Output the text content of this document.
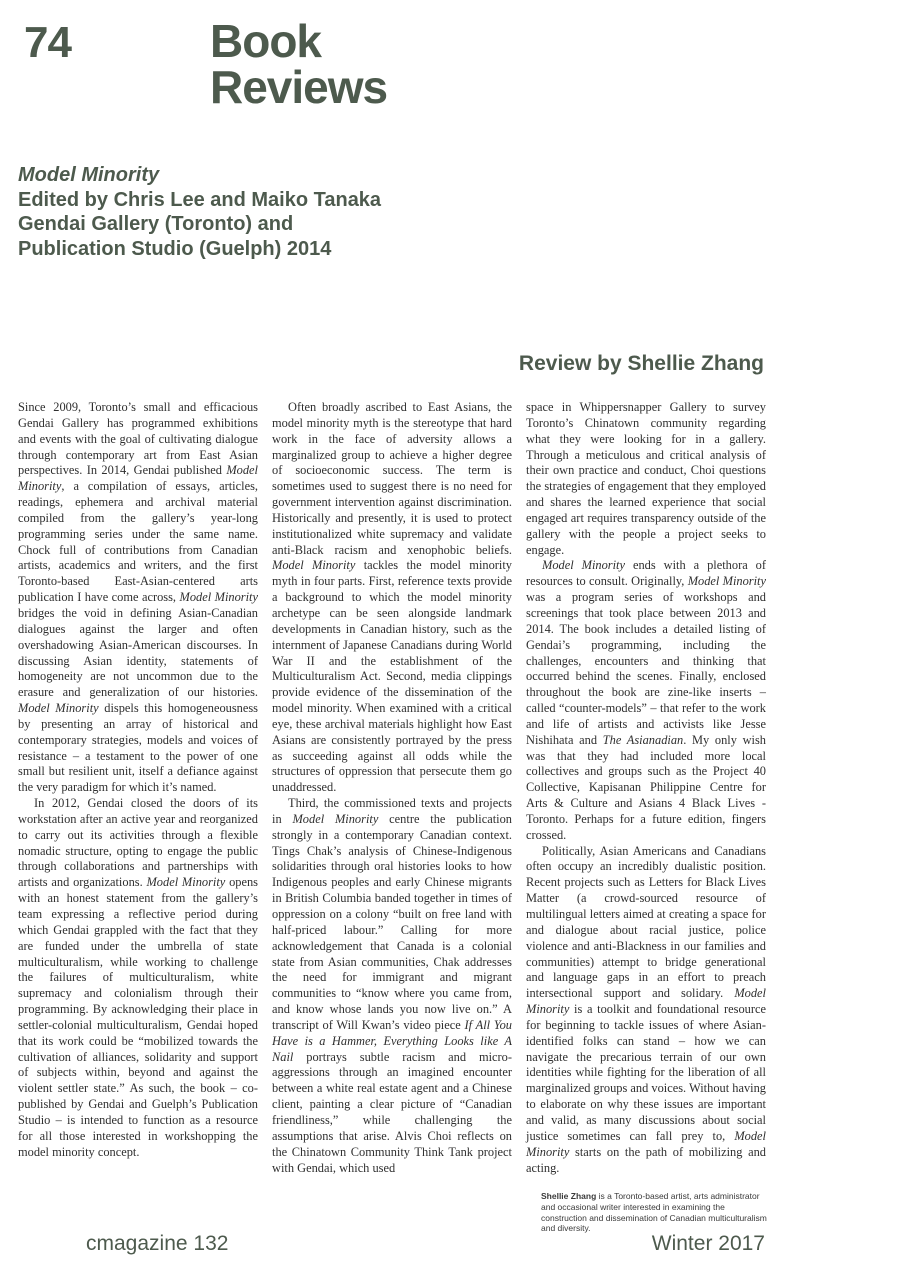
74	Book
Reviews
Model Minority
Edited by Chris Lee and Maiko Tanaka
Gendai Gallery (Toronto) and
Publication Studio (Guelph) 2014
Review by Shellie Zhang

Since 2009, Toronto’s small and efficacious Gendai Gallery has programmed exhibitions and events with the goal of cultivating dialogue through contemporary art from East Asian perspectives. In 2014, Gendai published Model Minority, a compilation of essays, articles, readings, ephemera and archival material compiled from the gallery’s year-long programming series under the same name. Chock full of contributions from Canadian artists, academics and writers, and the first Toronto-based East-Asian-centered arts publication I have come across, Model Minority bridges the void in defining Asian-Canadian dialogues against the larger and often overshadowing Asian-American discourses. In discussing Asian identity, statements of homogeneity are not uncommon due to the erasure and generalization of our histories. Model Minority dispels this homogeneousness by presenting an array of historical and contemporary strategies, models and voices of resistance – a testament to the power of one small but resilient unit, itself a defiance against the very paradigm for which it’s named.

In 2012, Gendai closed the doors of its workstation after an active year and reorganized to carry out its activities through a flexible nomadic structure, opting to engage the public through collaborations and partnerships with artists and organizations. Model Minority opens with an honest statement from the gallery’s team expressing a reflective period during which Gendai grappled with the fact that they are funded under the umbrella of state multiculturalism, while working to challenge the failures of multiculturalism, white supremacy and colonialism through their programming. By acknowledging their place in settler-colonial multiculturalism, Gendai hoped that its work could be “mobilized towards the cultivation of alliances, solidarity and support of subjects within, beyond and against the violent settler state.” As such, the book – co-published by Gendai and Guelph’s Publication Studio – is intended to function as a resource for all those interested in workshopping the model minority concept.

Often broadly ascribed to East Asians, the model minority myth is the stereotype that hard work in the face of adversity allows a marginalized group to achieve a higher degree of socioeconomic success. The term is sometimes used to suggest there is no need for government intervention against discrimination. Historically and presently, it is used to protect institutionalized white supremacy and validate anti-Black racism and xenophobic beliefs. Model Minority tackles the model minority myth in four parts. First, reference texts provide a background to which the model minority archetype can be seen alongside landmark developments in Canadian history, such as the internment of Japanese Canadians during World War II and the establishment of the Multiculturalism Act. Second, media clippings provide evidence of the dissemination of the model minority. When examined with a critical eye, these archival materials highlight how East Asians are consistently portrayed by the press as succeeding against all odds while the structures of oppression that persecute them go unaddressed.

Third, the commissioned texts and projects in Model Minority centre the publication strongly in a contemporary Canadian context. Tings Chak’s analysis of Chinese-Indigenous solidarities through oral histories looks to how Indigenous peoples and early Chinese migrants in British Columbia banded together in times of oppression on a colony “built on free land with half-priced labour.” Calling for more acknowledgement that Canada is a colonial state from Asian communities, Chak addresses the need for immigrant and migrant communities to “know where you came from, and know whose lands you now live on.” A transcript of Will Kwan’s video piece If All You Have is a Hammer, Everything Looks like A Nail portrays subtle racism and micro-aggressions through an imagined encounter between a white real estate agent and a Chinese client, painting a clear picture of “Canadian friendliness,” while challenging the assumptions that arise. Alvis Choi reflects on the Chinatown Community Think Tank project with Gendai, which used

space in Whippersnapper Gallery to survey Toronto’s Chinatown community regarding what they were looking for in a gallery. Through a meticulous and critical analysis of their own practice and conduct, Choi questions the strategies of engagement that they employed and shares the learned experience that social engaged art requires transparency outside of the gallery with the people a project seeks to engage.

Model Minority ends with a plethora of resources to consult. Originally, Model Minority was a program series of workshops and screenings that took place between 2013 and 2014. The book includes a detailed listing of Gendai’s programming, including the challenges, encounters and thinking that occurred behind the scenes. Finally, enclosed throughout the book are zine-like inserts – called “counter-models” – that refer to the work and life of artists and activists like Jesse Nishihata and The Asianadian. My only wish was that they had included more local collectives and groups such as the Project 40 Collective, Kapisanan Philippine Centre for Arts & Culture and Asians 4 Black Lives - Toronto. Perhaps for a future edition, fingers crossed.

Politically, Asian Americans and Canadians often occupy an incredibly dualistic position. Recent projects such as Letters for Black Lives Matter (a crowd-sourced resource of multilingual letters aimed at creating a space for and dialogue about racial justice, police violence and anti-Blackness in our families and communities) attempt to bridge generational and language gaps in an effort to preach intersectional support and solidary. Model Minority is a toolkit and foundational resource for beginning to tackle issues of where Asian-identified folks can stand – how we can navigate the precarious terrain of our own identities while fighting for the liberation of all marginalized groups and voices. Without having to elaborate on why these issues are important and valid, as many discussions about social justice sometimes can fall prey to, Model Minority starts on the path of mobilizing and acting.

Shellie Zhang is a Toronto-based artist, arts administrator and occasional writer interested in examining the construction and dissemination of Canadian multiculturalism and diversity.
cmagazine 132	Winter 2017
